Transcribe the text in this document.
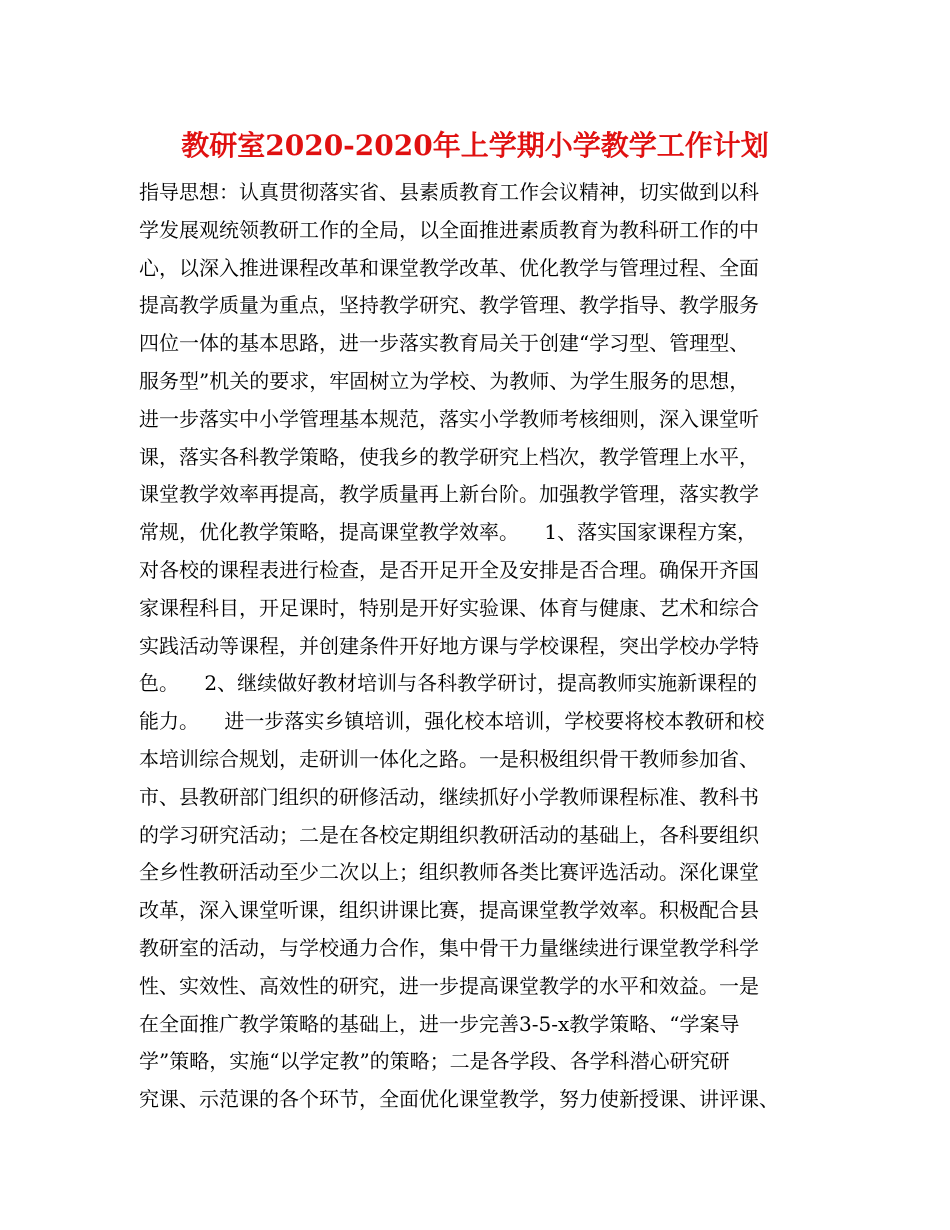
教研室2020-2020年上学期小学教学工作计划
指导思想：认真贯彻落实省、县素质教育工作会议精神，切实做到以科
学发展观统领教研工作的全局，以全面推进素质教育为教科研工作的中
心，以深入推进课程改革和课堂教学改革、优化教学与管理过程、全面
提高教学质量为重点，坚持教学研究、教学管理、教学指导、教学服务
四位一体的基本思路，进一步落实教育局关于创建“学习型、管理型、
服务型”机关的要求，牢固树立为学校、为教师、为学生服务的思想，
进一步落实中小学管理基本规范，落实小学教师考核细则，深入课堂听
课，落实各科教学策略，使我乡的教学研究上档次，教学管理上水平，
课堂教学效率再提高，教学质量再上新台阶。加强教学管理，落实教学
常规，优化教学策略，提高课堂教学效率。    1、落实国家课程方案，
对各校的课程表进行检查，是否开足开全及安排是否合理。确保开齐国
家课程科目，开足课时，特别是开好实验课、体育与健康、艺术和综合
实践活动等课程，并创建条件开好地方课与学校课程，突出学校办学特
色。    2、继续做好教材培训与各科教学研讨，提高教师实施新课程的
能力。    进一步落实乡镇培训，强化校本培训，学校要将校本教研和校
本培训综合规划，走研训一体化之路。一是积极组织骨干教师参加省、
市、县教研部门组织的研修活动，继续抓好小学教师课程标准、教科书
的学习研究活动；二是在各校定期组织教研活动的基础上，各科要组织
全乡性教研活动至少二次以上；组织教师各类比赛评选活动。深化课堂
改革，深入课堂听课，组织讲课比赛，提高课堂教学效率。积极配合县
教研室的活动，与学校通力合作，集中骨干力量继续进行课堂教学科学
性、实效性、高效性的研究，进一步提高课堂教学的水平和效益。一是
在全面推广教学策略的基础上，进一步完善3-5-x教学策略、“学案导
学”策略，实施“以学定教”的策略；二是各学段、各学科潜心研究研
究课、示范课的各个环节，全面优化课堂教学，努力使新授课、讲评课、
